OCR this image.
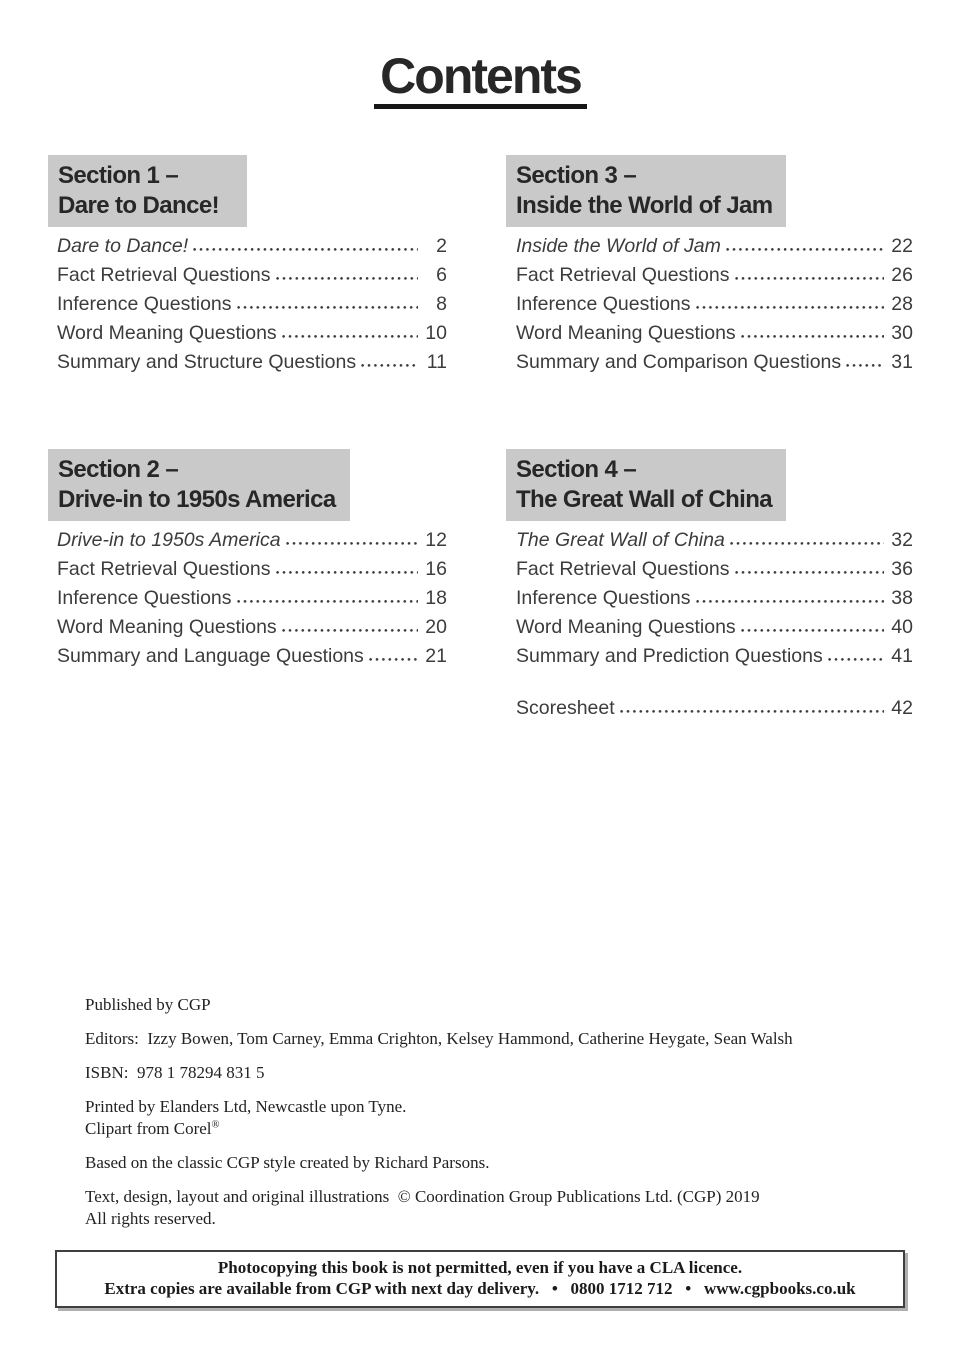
Contents
Section 1 –
Dare to Dance!
Dare to Dance!	2
Fact Retrieval Questions	6
Inference Questions	8
Word Meaning Questions	10
Summary and Structure Questions	11
Section 2 –
Drive-in to 1950s America
Drive-in to 1950s America	12
Fact Retrieval Questions	16
Inference Questions	18
Word Meaning Questions	20
Summary and Language Questions	21
Section 3 –
Inside the World of Jam
Inside the World of Jam	22
Fact Retrieval Questions	26
Inference Questions	28
Word Meaning Questions	30
Summary and Comparison Questions	31
Section 4 –
The Great Wall of China
The Great Wall of China	32
Fact Retrieval Questions	36
Inference Questions	38
Word Meaning Questions	40
Summary and Prediction Questions	41
Scoresheet	42

Published by CGP

Editors:  Izzy Bowen, Tom Carney, Emma Crighton, Kelsey Hammond, Catherine Heygate, Sean Walsh

ISBN:  978 1 78294 831 5

Printed by Elanders Ltd, Newcastle upon Tyne.
Clipart from Corel®

Based on the classic CGP style created by Richard Parsons.

Text, design, layout and original illustrations  © Coordination Group Publications Ltd. (CGP) 2019
All rights reserved.

Photocopying this book is not permitted, even if you have a CLA licence.
Extra copies are available from CGP with next day delivery.   •   0800 1712 712   •   www.cgpbooks.co.uk
